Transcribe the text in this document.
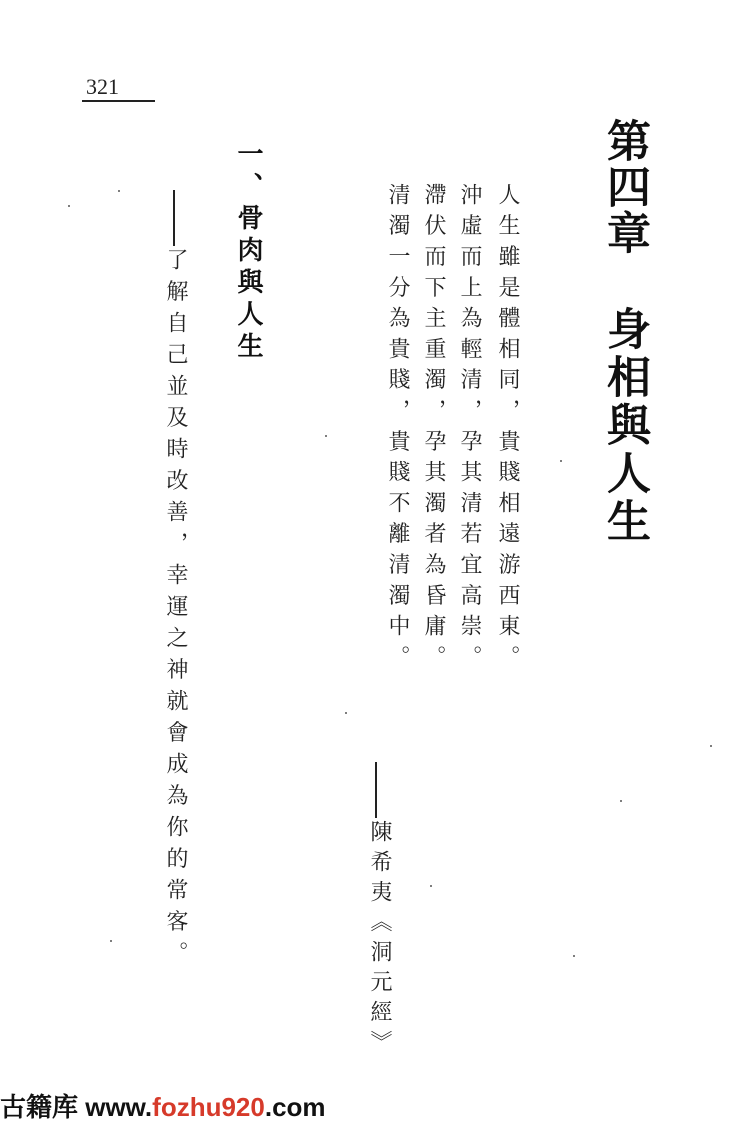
321
第四章
身相與人生
人生雖是體相同，貴賤相遠游西東。
沖虛而上為輕清，孕其清若宜高崇。
滯伏而下主重濁，孕其濁者為昏庸。
清濁一分為貴賤，貴賤不離清濁中。
陳希夷《洞元經》
一、骨肉與人生
了解自己並及時改善，幸運之神就會成為你的常客。
古籍库 www.fozhu920.com
